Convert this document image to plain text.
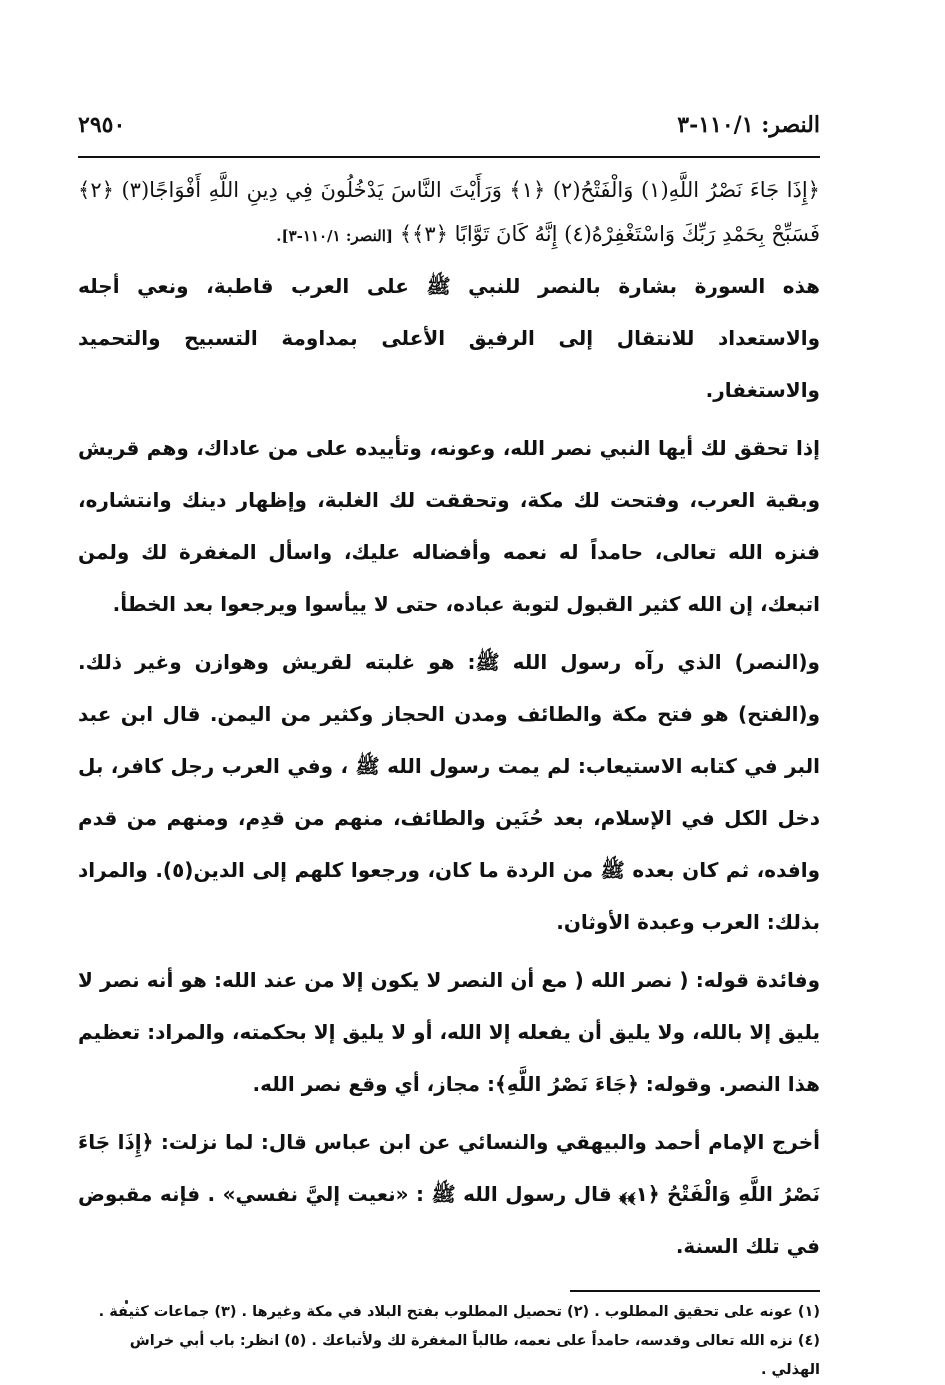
النصر: ١١٠/١-٣
٢٩٥٠
﴿إِذَا جَاءَ نَصْرُ اللَّهِ(١) وَالْفَتْحُ(٢) ﴿١﴾ وَرَأَيْتَ النَّاسَ يَدْخُلُونَ فِي دِينِ اللَّهِ أَفْوَاجًا(٣) ﴿٢﴾ فَسَبِّحْ بِحَمْدِ رَبِّكَ وَاسْتَغْفِرْهُ(٤) إِنَّهُ كَانَ تَوَّابًا ﴿٣﴾﴾ [النصر: ١١٠/١-٣].

هذه السورة بشارة بالنصر للنبي ﷺ على العرب قاطبة، ونعي أجله والاستعداد للانتقال إلى الرفيق الأعلى بمداومة التسبيح والتحميد والاستغفار.

إذا تحقق لك أيها النبي نصر الله، وعونه، وتأييده على من عاداك، وهم قريش وبقية العرب، وفتحت لك مكة، وتحققت لك الغلبة، وإظهار دينك وانتشاره، فنزه الله تعالى، حامداً له نعمه وأفضاله عليك، واسأل المغفرة لك ولمن اتبعك، إن الله كثير القبول لتوبة عباده، حتى لا ييأسوا ويرجعوا بعد الخطأ.

و(النصر) الذي رآه رسول الله ﷺ: هو غلبته لقريش وهوازن وغير ذلك. و(الفتح) هو فتح مكة والطائف ومدن الحجاز وكثير من اليمن. قال ابن عبد البر في كتابه الاستيعاب: لم يمت رسول الله ﷺ ، وفي العرب رجل كافر، بل دخل الكل في الإسلام، بعد حُنَين والطائف، منهم من قدِم، ومنهم من قدم وافده، ثم كان بعده ﷺ من الردة ما كان، ورجعوا كلهم إلى الدين(٥). والمراد بذلك: العرب وعبدة الأوثان.

وفائدة قوله: ( نصر الله ( مع أن النصر لا يكون إلا من عند الله: هو أنه نصر لا يليق إلا بالله، ولا يليق أن يفعله إلا الله، أو لا يليق إلا بحكمته، والمراد: تعظيم هذا النصر. وقوله: ﴿جَاءَ نَصْرُ اللَّهِ﴾: مجاز، أي وقع نصر الله.

أخرج الإمام أحمد والبيهقي والنسائي عن ابن عباس قال: لما نزلت: ﴿إِذَا جَاءَ نَصْرُ اللَّهِ وَالْفَتْحُ ﴿١﴾﴾ قال رسول الله ﷺ : «نعيت إليَّ نفسي» . فإنه مقبوض في تلك السنة.

(١) عونه على تحقيق المطلوب . (٢) تحصيل المطلوب بفتح البلاد في مكة وغيرها . (٣) جماعات كثيفة .
(٤) نزه الله تعالى وقدسه، حامداً على نعمه، طالباً المغفرة لك ولأتباعك . (٥) انظر: باب أبي خراش الهذلي .
